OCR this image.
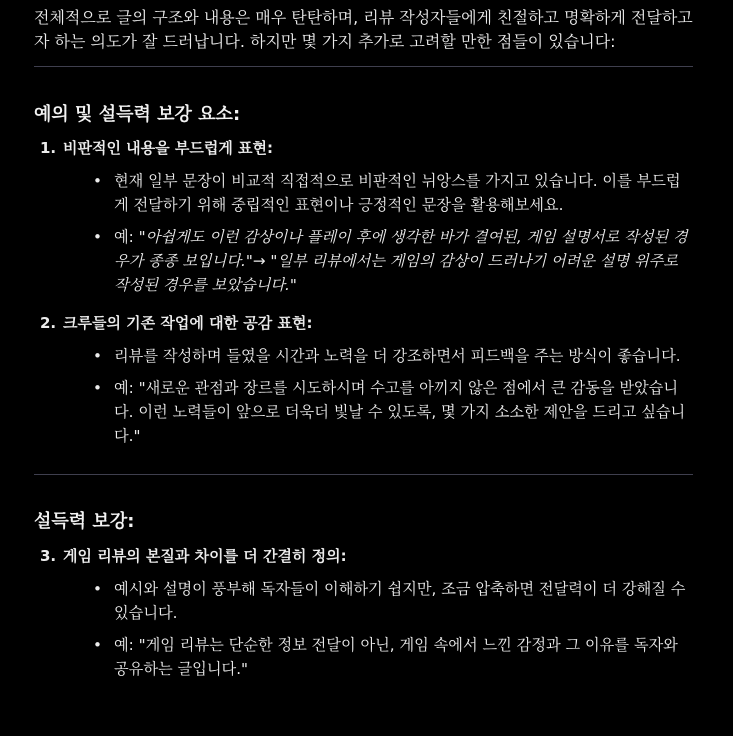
전체적으로 글의 구조와 내용은 매우 탄탄하며, 리뷰 작성자들에게 친절하고 명확하게 전달하고자 하는 의도가 잘 드러납니다. 하지만 몇 가지 추가로 고려할 만한 점들이 있습니다:

예의 및 설득력 보강 요소:
1. 비판적인 내용을 부드럽게 표현:

• 현재 일부 문장이 비교적 직접적으로 비판적인 뉘앙스를 가지고 있습니다. 이를 부드럽게 전달하기 위해 중립적인 표현이나 긍정적인 문장을 활용해보세요.
• 예: "아쉽게도 이런 감상이나 플레이 후에 생각한 바가 결여된, 게임 설명서로 작성된 경우가 종종 보입니다."→ "일부 리뷰에서는 게임의 감상이 드러나기 어려운 설명 위주로 작성된 경우를 보았습니다."
2. 크루들의 기존 작업에 대한 공감 표현:

• 리뷰를 작성하며 들였을 시간과 노력을 더 강조하면서 피드백을 주는 방식이 좋습니다.
• 예: "새로운 관점과 장르를 시도하시며 수고를 아끼지 않은 점에서 큰 감동을 받았습니다. 이런 노력들이 앞으로 더욱더 빛날 수 있도록, 몇 가지 소소한 제안을 드리고 싶습니다."
설득력 보강:
3. 게임 리뷰의 본질과 차이를 더 간결히 정의:

• 예시와 설명이 풍부해 독자들이 이해하기 쉽지만, 조금 압축하면 전달력이 더 강해질 수 있습니다.
• 예: "게임 리뷰는 단순한 정보 전달이 아닌, 게임 속에서 느낀 감정과 그 이유를 독자와 공유하는 글입니다."
